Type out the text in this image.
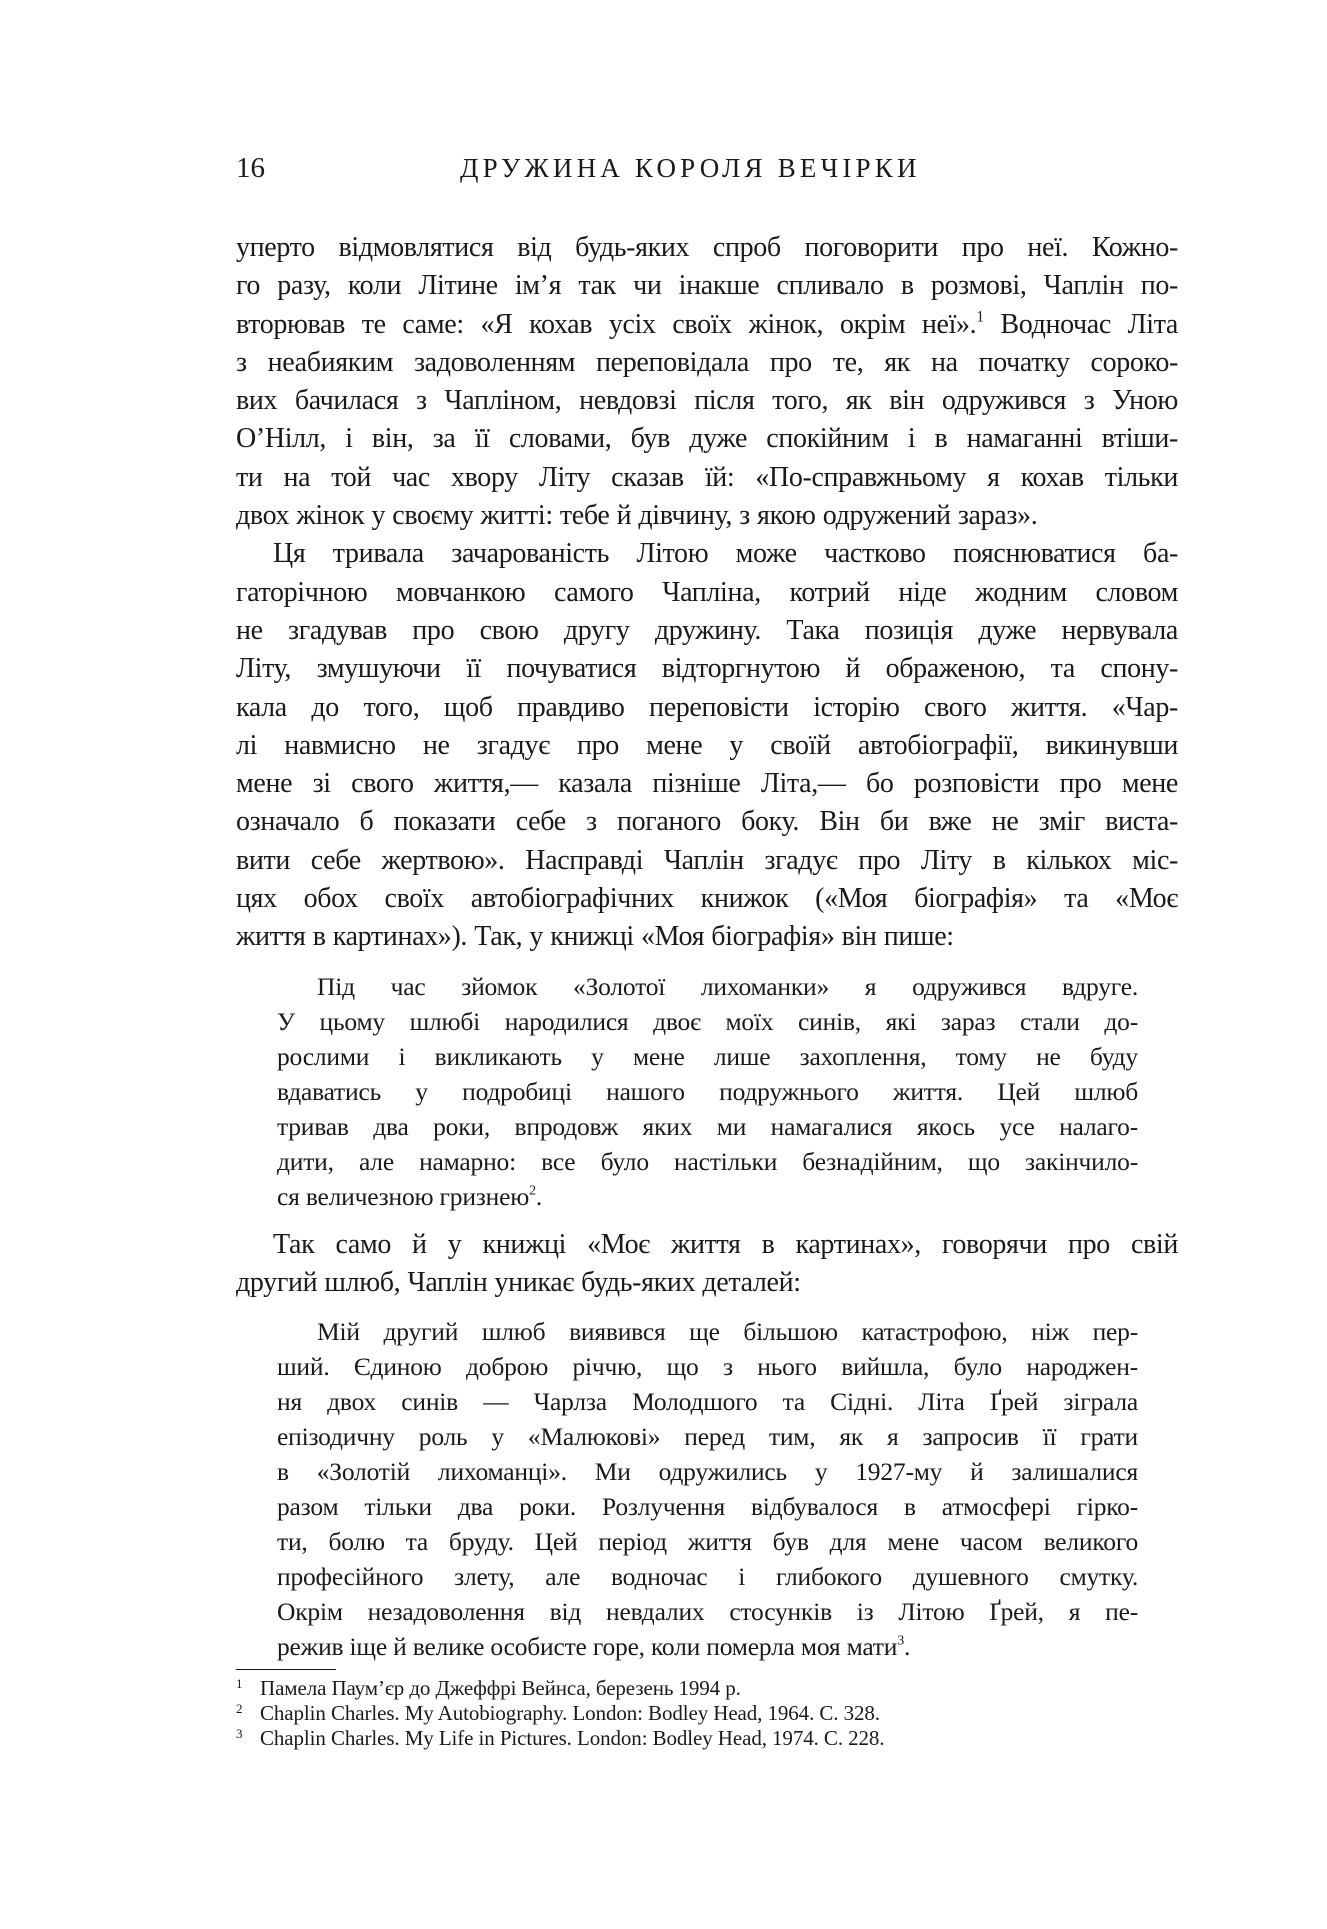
16	ДРУЖИНА КОРОЛЯ ВЕЧІРКИ

уперто відмовлятися від будь-яких спроб поговорити про неї. Кожно-
го разу, коли Літине ім’я так чи інакше спливало в розмові, Чаплін по-
вторював те саме: «Я кохав усіх своїх жінок, окрім неї».$^1$ Водночас Літа
з неабияким задоволенням переповідала про те, як на початку сороко-
вих бачилася з Чапліном, невдовзі після того, як він одружився з Уною
О’Нілл, і він, за її словами, був дуже спокійним і в намаганні втіши-
ти на той час хвору Літу сказав їй: «По-справжньому я кохав тільки
двох жінок у своєму житті: тебе й дівчину, з якою одружений зараз».

Ця тривала зачарованість Літою може частково пояснюватися ба-
гаторічною мовчанкою самого Чапліна, котрий ніде жодним словом
не згадував про свою другу дружину. Така позиція дуже нервувала
Літу, змушуючи її почуватися відторгнутою й ображеною, та спону-
кала до того, щоб правдиво переповісти історію свого життя. «Чар-
лі навмисно не згадує про мене у своїй автобіографії, викинувши
мене зі свого життя,— казала пізніше Літа,— бо розповісти про мене
означало б показати себе з поганого боку. Він би вже не зміг виста-
вити себе жертвою». Насправді Чаплін згадує про Літу в кількох міс-
цях обох своїх автобіографічних книжок («Моя біографія» та «Моє
життя в картинах»). Так, у книжці «Моя біографія» він пише:

Під час зйомок «Золотої лихоманки» я одружився вдруге.
У цьому шлюбі народилися двоє моїх синів, які зараз стали до-
рослими і викликають у мене лише захоплення, тому не буду
вдаватись у подробиці нашого подружнього життя. Цей шлюб
тривав два роки, впродовж яких ми намагалися якось усе налаго-
дити, але намарно: все було настільки безнадійним, що закінчило-
ся величезною гризнею$^2$.

Так само й у книжці «Моє життя в картинах», говорячи про свій
другий шлюб, Чаплін уникає будь-яких деталей:

Мій другий шлюб виявився ще більшою катастрофою, ніж пер-
ший. Єдиною доброю річчю, що з нього вийшла, було народжен-
ня двох синів — Чарлза Молодшого та Сідні. Літа Ґрей зіграла
епізодичну роль у «Малюкові» перед тим, як я запросив її грати
в «Золотій лихоманці». Ми одружились у 1927-му й залишалися
разом тільки два роки. Розлучення відбувалося в атмосфері гірко-
ти, болю та бруду. Цей період життя був для мене часом великого
професійного злету, але водночас і глибокого душевного смутку.
Окрім незадоволення від невдалих стосунків із Літою Ґрей, я пе-
режив іще й велике особисте горе, коли померла моя мати$^3$.
1 Памела Паум’єр до Джеффрі Вейнса, березень 1994 р.
2 Chaplin Charles. My Autobiography. London: Bodley Head, 1964. C. 328.
3 Chaplin Charles. My Life in Pictures. London: Bodley Head, 1974. C. 228.
